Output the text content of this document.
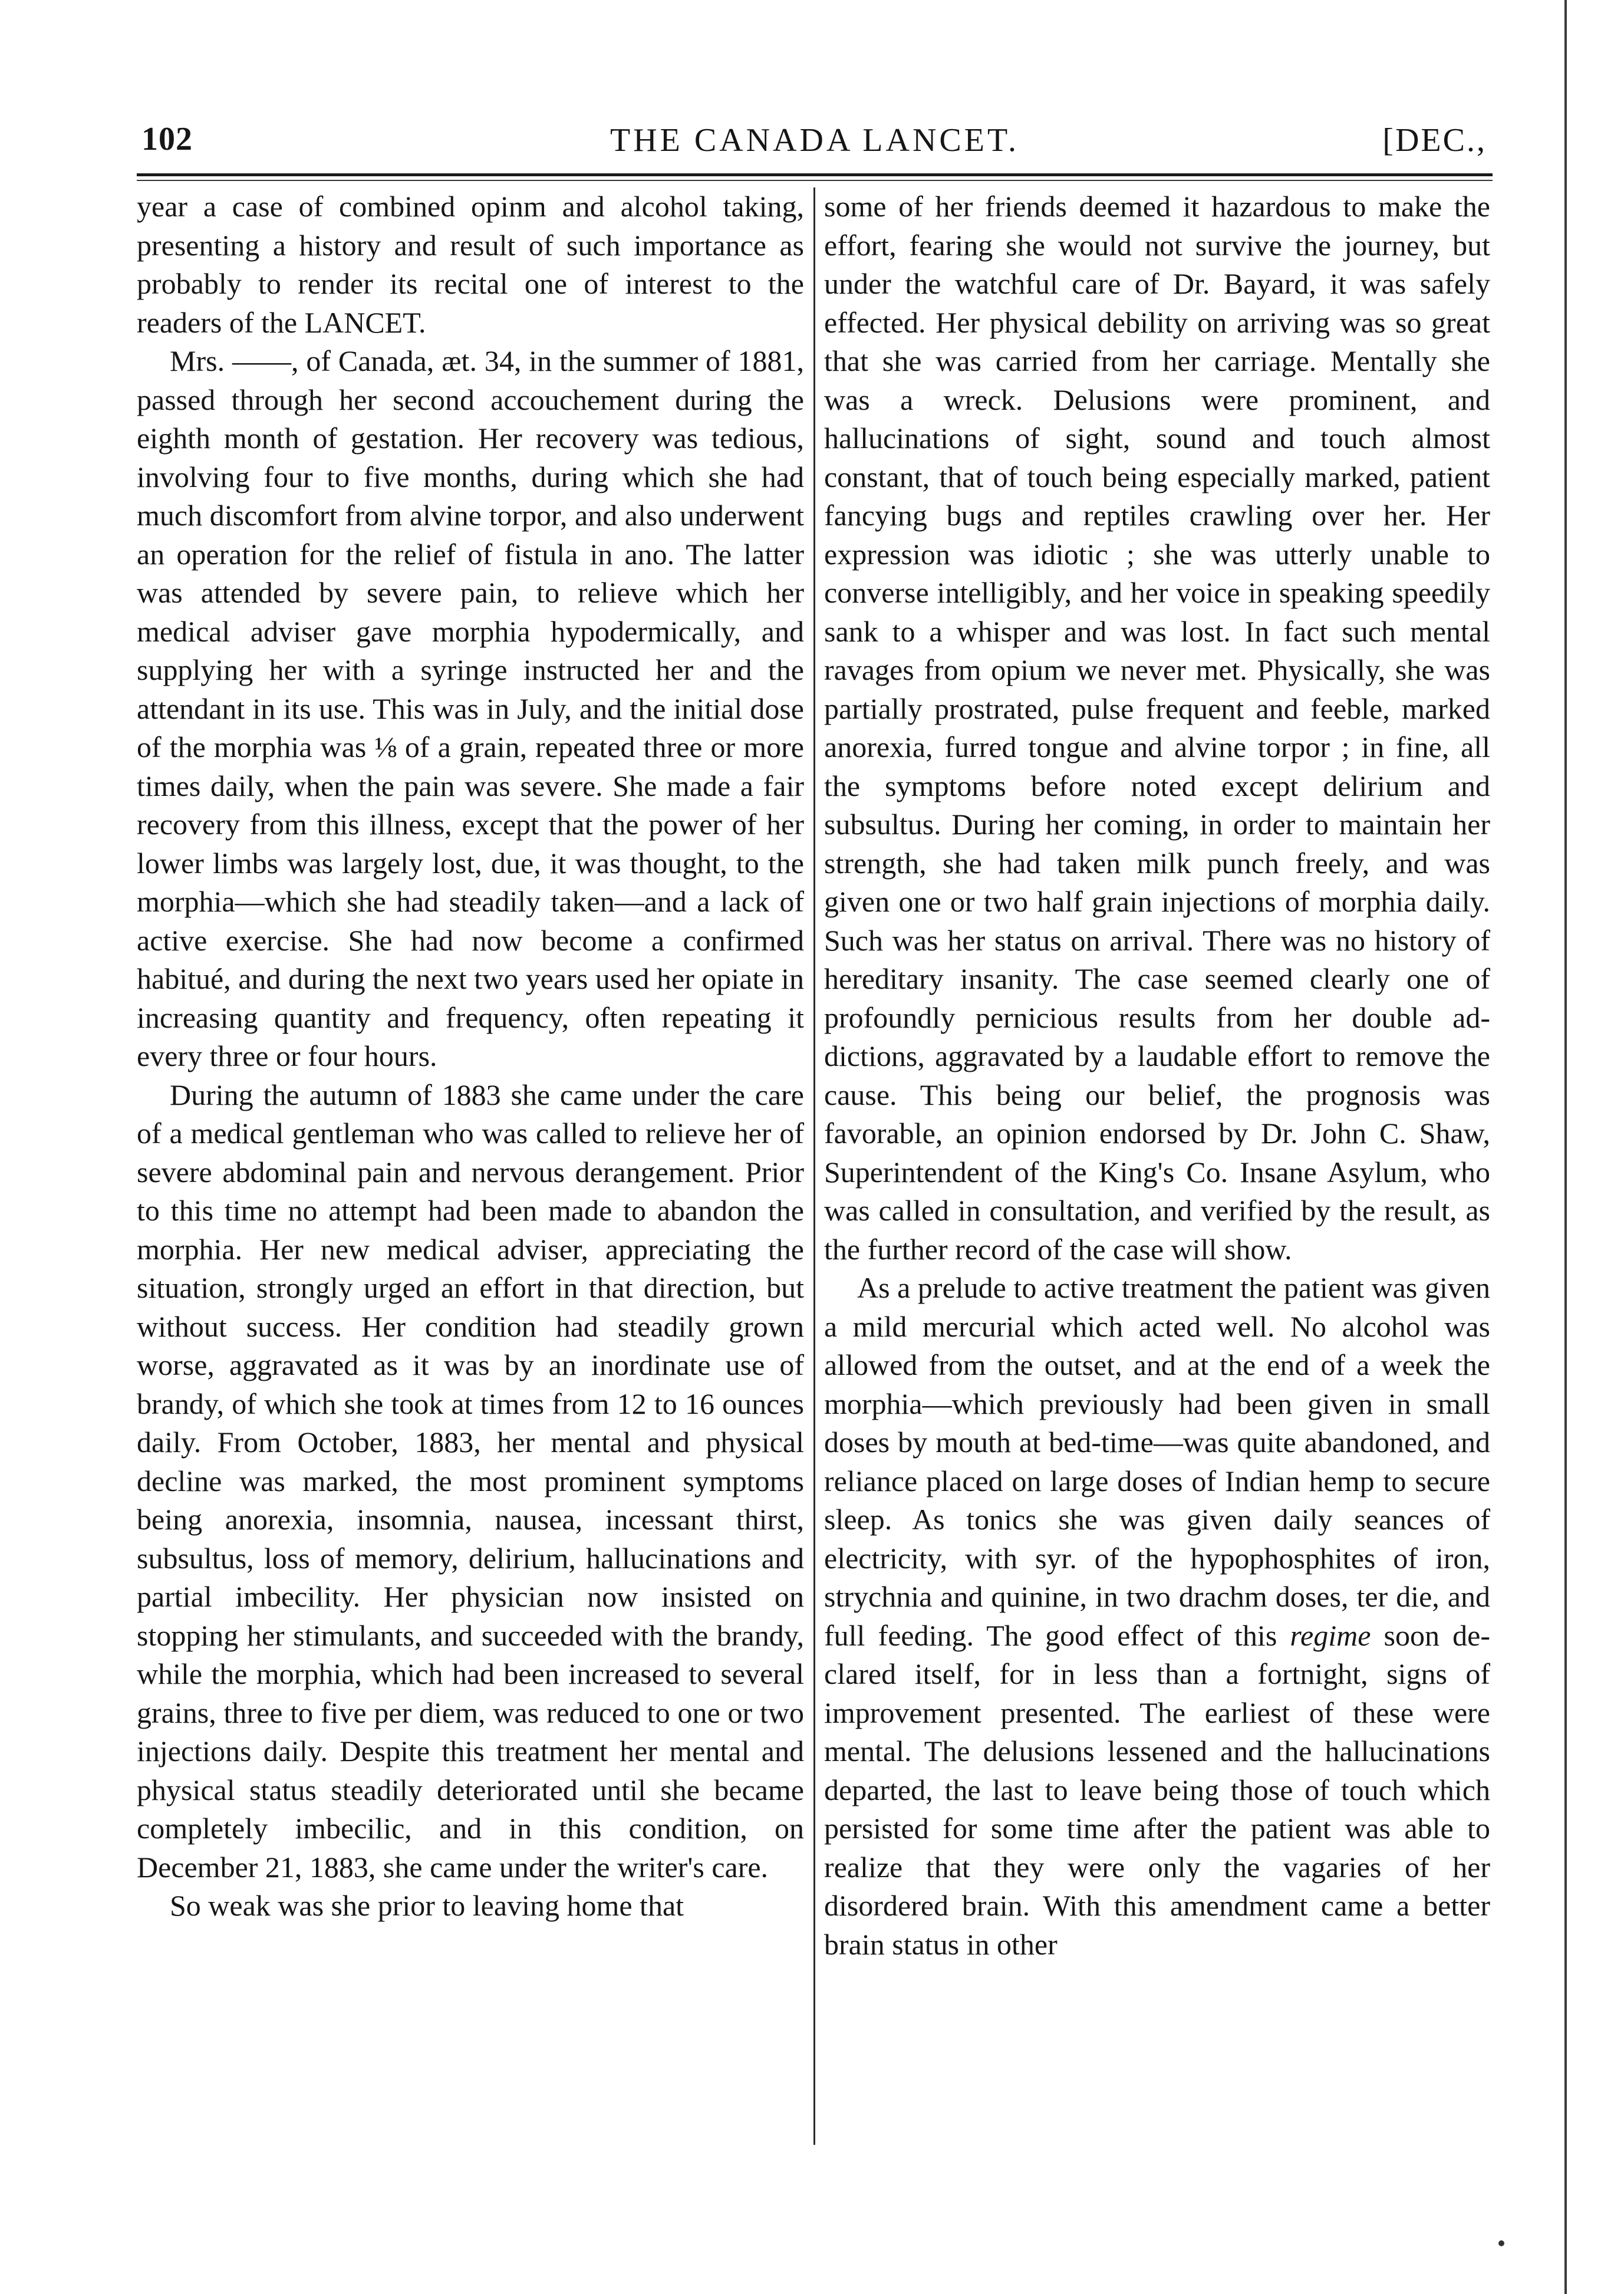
102	THE CANADA LANCET.	[DEC.,

year a case of combined opinm and alcohol taking, presenting a history and result of such importance as probably to render its recital one of interest to the readers of the LANCET.

Mrs. ——, of Canada, æt. 34, in the summer of 1881, passed through her second accouchement during the eighth month of gestation. Her recovery was tedious, involving four to five months, during which she had much discomfort from alvine torpor, and also underwent an operation for the relief of fistula in ano. The latter was attended by severe pain, to relieve which her medical adviser gave morphia hypodermically, and supplying her with a syringe instructed her and the attendant in its use. This was in July, and the initial dose of the morphia was ⅛ of a grain, repeated three or more times daily, when the pain was severe. She made a fair recovery from this illness, except that the power of her lower limbs was largely lost, due, it was thought, to the morphia—which she had steadily taken—and a lack of active exercise. She had now become a confirmed habitué, and during the next two years used her opiate in increasing quantity and frequency, often repeating it every three or four hours.

During the autumn of 1883 she came under the care of a medical gentleman who was called to relieve her of severe abdominal pain and nervous derangement. Prior to this time no attempt had been made to abandon the morphia. Her new medical adviser, appreciating the situation, strongly urged an effort in that direction, but without success. Her condition had steadily grown worse, aggravated as it was by an inordinate use of brandy, of which she took at times from 12 to 16 ounces daily. From October, 1883, her mental and physical decline was marked, the most prominent symptoms being anorexia, insomnia, nausea, incessant thirst, subsultus, loss of memory, delirium, hallucinations and partial imbecility. Her physician now insisted on stopping her stimulants, and succeeded with the brandy, while the morphia, which had been increased to several grains, three to five per diem, was reduced to one or two injections daily. Despite this treatment her mental and physical status steadily deteriorated until she became completely imbecilic, and in this condition, on December 21, 1883, she came under the writer's care.

So weak was she prior to leaving home that

some of her friends deemed it hazardous to make the effort, fearing she would not survive the journey, but under the watchful care of Dr. Bayard, it was safely effected. Her physical debility on arriving was so great that she was carried from her carriage. Mentally she was a wreck. Delusions were prominent, and hallucinations of sight, sound and touch almost constant, that of touch being especially marked, patient fancying bugs and reptiles crawling over her. Her expression was idiotic ; she was utterly unable to converse intelligibly, and her voice in speaking speedily sank to a whisper and was lost. In fact such mental ravages from opium we never met. Physically, she was partially prostrated, pulse frequent and feeble, marked anorexia, furred tongue and alvine torpor ; in fine, all the symptoms before noted except delirium and subsultus. During her coming, in order to maintain her strength, she had taken milk punch freely, and was given one or two half grain injections of morphia daily. Such was her status on arrival. There was no history of hereditary insanity. The case seemed clearly one of profoundly pernicious results from her double addictions, aggravated by a laudable effort to remove the cause. This being our belief, the prognosis was favorable, an opinion endorsed by Dr. John C. Shaw, Superintendent of the King's Co. Insane Asylum, who was called in consultation, and verified by the result, as the further record of the case will show.

As a prelude to active treatment the patient was given a mild mercurial which acted well. No alcohol was allowed from the outset, and at the end of a week the morphia—which previously had been given in small doses by mouth at bed-time—was quite abandoned, and reliance placed on large doses of Indian hemp to secure sleep. As tonics she was given daily seances of electricity, with syr. of the hypophosphites of iron, strychnia and quinine, in two drachm doses, ter die, and full feeding. The good effect of this regime soon declared itself, for in less than a fortnight, signs of improvement presented. The earliest of these were mental. The delusions lessened and the hallucinations departed, the last to leave being those of touch which persisted for some time after the patient was able to realize that they were only the vagaries of her disordered brain. With this amendment came a better brain status in other
